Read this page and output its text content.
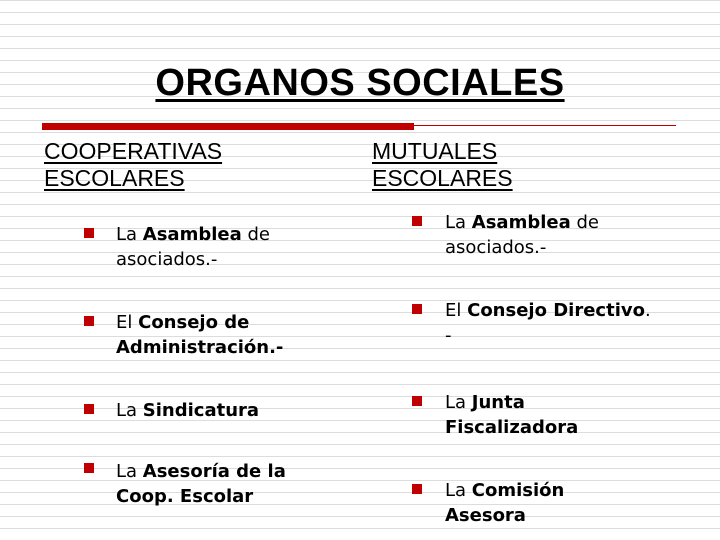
ORGANOS SOCIALES
COOPERATIVAS
ESCOLARES
MUTUALES
ESCOLARES
La Asamblea de
asociados.-
El Consejo de
Administración.-
La Sindicatura
La Asesoría de la
Coop. Escolar
La Asamblea de
asociados.-
El Consejo Directivo.
-
La Junta
Fiscalizadora
La Comisión
Asesora
